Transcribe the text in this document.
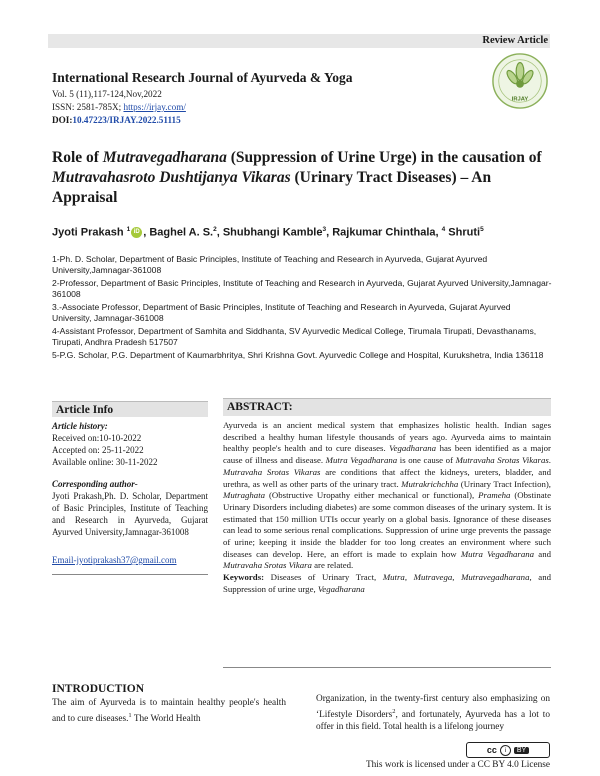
Review Article
International Research Journal of Ayurveda & Yoga
Vol. 5 (11),117-124,Nov,2022
ISSN: 2581-785X; https://irjay.com/
DOI:10.47223/IRJAY.2022.51115
IRJAY
Role of Mutravegadharana (Suppression of Urine Urge) in the causation of Mutravahasroto Dushtijanya Vikaras (Urinary Tract Diseases) – An Appraisal
Jyoti Prakash $^1$ iD , Baghel A. S.$^2$, Shubhangi Kamble$^3$, Rajkumar Chinthala, $^4$ Shruti$^5$

1-Ph. D. Scholar, Department of Basic Principles, Institute of Teaching and Research in Ayurveda, Gujarat Ayurved University,Jamnagar-361008

2-Professor, Department of Basic Principles, Institute of Teaching and Research in Ayurveda, Gujarat Ayurved University,Jamnagar-361008

3.-Associate Professor, Department of Basic Principles, Institute of Teaching and Research in Ayurveda, Gujarat Ayurved University, Jamnagar-361008

4-Assistant Professor, Department of Samhita and Siddhanta, SV Ayurvedic Medical College, Tirumala Tirupati, Devasthanams, Tirupati, Andhra Pradesh 517507

5-P.G. Scholar, P.G. Department of Kaumarbhritya, Shri Krishna Govt. Ayurvedic College and Hospital, Kurukshetra, India 136118

Article Info	ABSTRACT:
Article history:
Received on:10-10-2022
Accepted on: 25-11-2022
Available online: 30-11-2022
Corresponding author-
Jyoti Prakash,Ph. D. Scholar, Department of Basic Principles, Institute of Teaching and Research in Ayurveda, Gujarat Ayurved University,Jamnagar-361008
Email-jyotiprakash37@gmail.com
Ayurveda is an ancient medical system that emphasizes holistic health. Indian sages described a healthy human lifestyle thousands of years ago. Ayurveda aims to maintain healthy people's health and to cure diseases. Vegadharana has been identified as a major cause of illness and disease. Mutra Vegadharana is one cause of Mutravaha Srotas Vikaras. Mutravaha Srotas Vikaras are conditions that affect the kidneys, ureters, bladder, and urethra, as well as other parts of the urinary tract. Mutrakrichchha (Urinary Tract Infection), Mutraghata (Obstructive Uropathy either mechanical or functional), Prameha (Obstinate Urinary Disorders including diabetes) are some common diseases of the urinary system. It is estimated that 150 million UTIs occur yearly on a global basis. Ignorance of these diseases can lead to some serious renal complications. Suppression of urine urge prevents the passage of urine; keeping it inside the bladder for too long creates an environment where such diseases can develop. Here, an effort is made to explain how Mutra Vegadharana and Mutravaha Srotas Vikara are related.
Keywords: Diseases of Urinary Tract, Mutra, Mutravega, Mutravegadharana, and Suppression of urine urge, Vegadharana
INTRODUCTION
The aim of Ayurveda is to maintain healthy people's health and to cure diseases.$^1$ The World Health
Organization, in the twenty-first century also emphasizing on ‘Lifestyle Disorders$^2$, and fortunately, Ayurveda has a lot to offer in this field. Total health is a lifelong journey
cc	i	BY
This work is licensed under a CC BY 4.0 License
